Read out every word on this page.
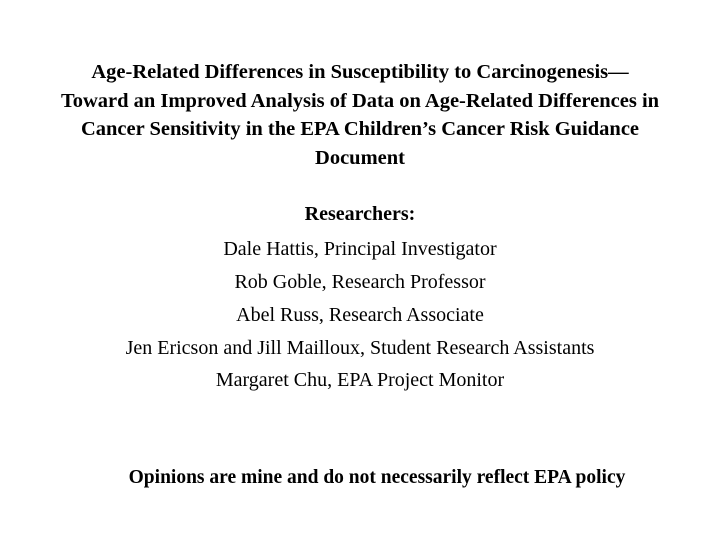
Age-Related Differences in Susceptibility to Carcinogenesis—Toward an Improved Analysis of Data on Age-Related Differences in Cancer Sensitivity in the EPA Children’s Cancer Risk Guidance Document
Researchers:
Dale Hattis, Principal Investigator
Rob Goble, Research Professor
Abel Russ, Research Associate
Jen Ericson and Jill Mailloux, Student Research Assistants
Margaret Chu, EPA Project Monitor
Opinions are mine and do not necessarily reflect EPA policy
